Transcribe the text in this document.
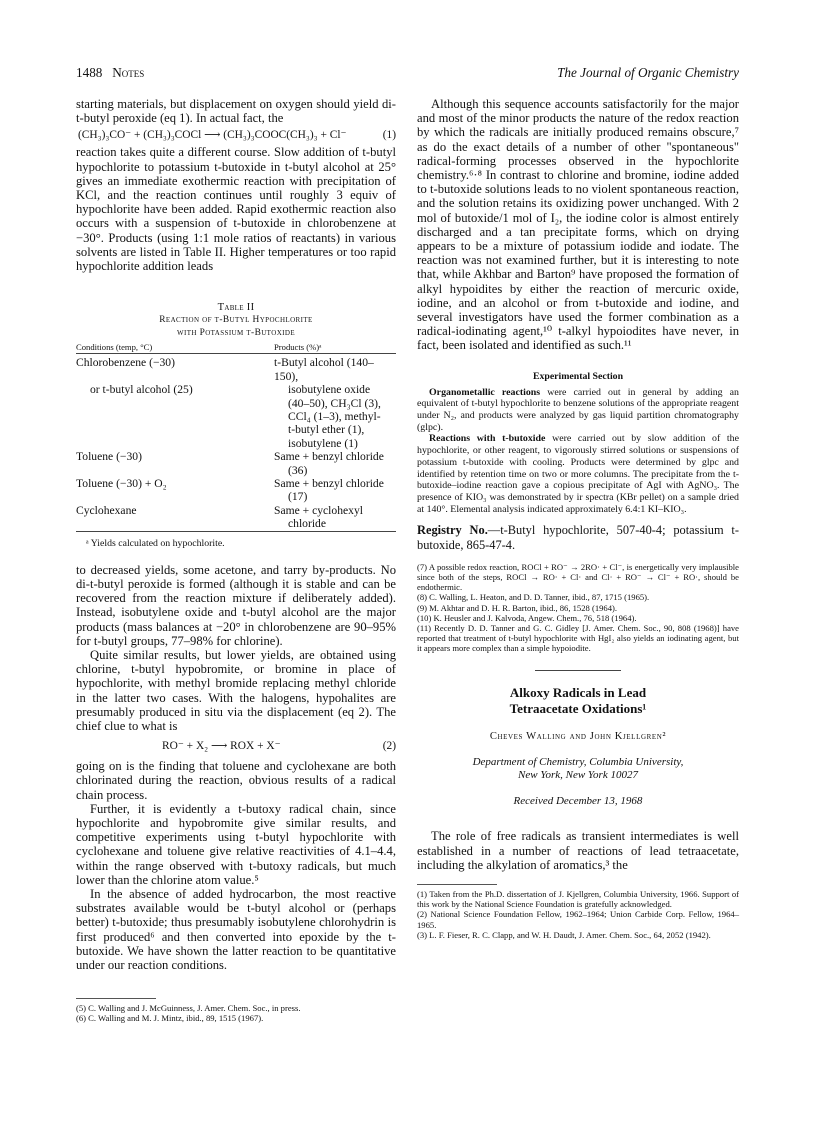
1488 Notes	The Journal of Organic Chemistry

starting materials, but displacement on oxygen should yield di-t-butyl peroxide (eq 1). In actual fact, the

(CH₃)₃CO⁻ + (CH₃)₃COCl ⟶ (CH₃)₃COOC(CH₃)₃ + Cl⁻	(1)

reaction takes quite a different course. Slow addition of t-butyl hypochlorite to potassium t-butoxide in t-butyl alcohol at 25° gives an immediate exothermic reaction with precipitation of KCl, and the reaction continues until roughly 3 equiv of hypochlorite have been added. Rapid exothermic reaction also occurs with a suspension of t-butoxide in chlorobenzene at −30°. Products (using 1:1 mole ratios of reactants) in various solvents are listed in Table II. Higher temperatures or too rapid hypochlorite addition leads

Table II
Reaction of t-Butyl Hypochlorite
with Potassium t-Butoxide
Conditions (temp, °C)	Products (%)ᵃ
Chlorobenzene (−30)	t-Butyl alcohol (140–150),
or t-butyl alcohol (25)	isobutylene oxide
	(40–50), CH₃Cl (3),
	CCl₄ (1–3), methyl-
	t-butyl ether (1),
	isobutylene (1)
Toluene (−30)	Same + benzyl chloride
	(36)
Toluene (−30) + O₂	Same + benzyl chloride
	(17)
Cyclohexane	Same + cyclohexyl
	chloride
ᵃ Yields calculated on hypochlorite.

to decreased yields, some acetone, and tarry by-products. No di-t-butyl peroxide is formed (although it is stable and can be recovered from the reaction mixture if deliberately added). Instead, isobutylene oxide and t-butyl alcohol are the major products (mass balances at −20° in chlorobenzene are 90–95% for t-butyl groups, 77–98% for chlorine).

Quite similar results, but lower yields, are obtained using chlorine, t-butyl hypobromite, or bromine in place of hypochlorite, with methyl bromide replacing methyl chloride in the latter two cases. With the halogens, hypohalites are presumably produced in situ via the displacement (eq 2). The chief clue to what is

RO⁻ + X₂ ⟶ ROX + X⁻	(2)

going on is the finding that toluene and cyclohexane are both chlorinated during the reaction, obvious results of a radical chain process.

Further, it is evidently a t-butoxy radical chain, since hypochlorite and hypobromite give similar results, and competitive experiments using t-butyl hypochlorite with cyclohexane and toluene give relative reactivities of 4.1–4.4, within the range observed with t-butoxy radicals, but much lower than the chlorine atom value.⁵

In the absence of added hydrocarbon, the most reactive substrates available would be t-butyl alcohol or (perhaps better) t-butoxide; thus presumably isobutylene chlorohydrin is first produced⁶ and then converted into epoxide by the t-butoxide. We have shown the latter reaction to be quantitative under our reaction conditions.

(5) C. Walling and J. McGuinness, J. Amer. Chem. Soc., in press.

(6) C. Walling and M. J. Mintz, ibid., 89, 1515 (1967).

Although this sequence accounts satisfactorily for the major and most of the minor products the nature of the redox reaction by which the radicals are initially produced remains obscure,⁷ as do the exact details of a number of other "spontaneous" radical-forming processes observed in the hypochlorite chemistry.⁶·⁸ In contrast to chlorine and bromine, iodine added to t-butoxide solutions leads to no violent spontaneous reaction, and the solution retains its oxidizing power unchanged. With 2 mol of butoxide/1 mol of I₂, the iodine color is almost entirely discharged and a tan precipitate forms, which on drying appears to be a mixture of potassium iodide and iodate. The reaction was not examined further, but it is interesting to note that, while Akhbar and Barton⁹ have proposed the formation of alkyl hypoidites by either the reaction of mercuric oxide, iodine, and an alcohol or from t-butoxide and iodine, and several investigators have used the former combination as a radical-iodinating agent,¹⁰ t-alkyl hypoiodites have never, in fact, been isolated and identified as such.¹¹

Experimental Section

Organometallic reactions were carried out in general by adding an equivalent of t-butyl hypochlorite to benzene solutions of the appropriate reagent under N₂, and products were analyzed by gas liquid partition chromatography (glpc).

Reactions with t-butoxide were carried out by slow addition of the hypochlorite, or other reagent, to vigorously stirred solutions or suspensions of potassium t-butoxide with cooling. Products were determined by glpc and identified by retention time on two or more columns. The precipitate from the t-butoxide–iodine reaction gave a copious precipitate of AgI with AgNO₃. The presence of KIO₃ was demonstrated by ir spectra (KBr pellet) on a sample dried at 140°. Elemental analysis indicated approximately 6.4:1 KI–KIO₃.

Registry No.—t-Butyl hypochlorite, 507-40-4; potassium t-butoxide, 865-47-4.

(7) A possible redox reaction, ROCl + RO⁻ → 2RO· + Cl⁻, is energetically very implausible since both of the steps, ROCl → RO· + Cl· and Cl· + RO⁻ → Cl⁻ + RO·, should be endothermic.

(8) C. Walling, L. Heaton, and D. D. Tanner, ibid., 87, 1715 (1965).

(9) M. Akhtar and D. H. R. Barton, ibid., 86, 1528 (1964).

(10) K. Heusler and J. Kalvoda, Angew. Chem., 76, 518 (1964).

(11) Recently D. D. Tanner and G. C. Gidley [J. Amer. Chem. Soc., 90, 808 (1968)] have reported that treatment of t-butyl hypochlorite with HgI₂ also yields an iodinating agent, but it appears more complex than a simple hypoiodite.

Alkoxy Radicals in Lead
Tetraacetate Oxidations¹
Cheves Walling and John Kjellgren²
Department of Chemistry, Columbia University,
New York, New York 10027
Received December 13, 1968

The role of free radicals as transient intermediates is well established in a number of reactions of lead tetraacetate, including the alkylation of aromatics,³ the

(1) Taken from the Ph.D. dissertation of J. Kjellgren, Columbia University, 1966. Support of this work by the National Science Foundation is gratefully acknowledged.

(2) National Science Foundation Fellow, 1962–1964; Union Carbide Corp. Fellow, 1964–1965.

(3) L. F. Fieser, R. C. Clapp, and W. H. Daudt, J. Amer. Chem. Soc., 64, 2052 (1942).
